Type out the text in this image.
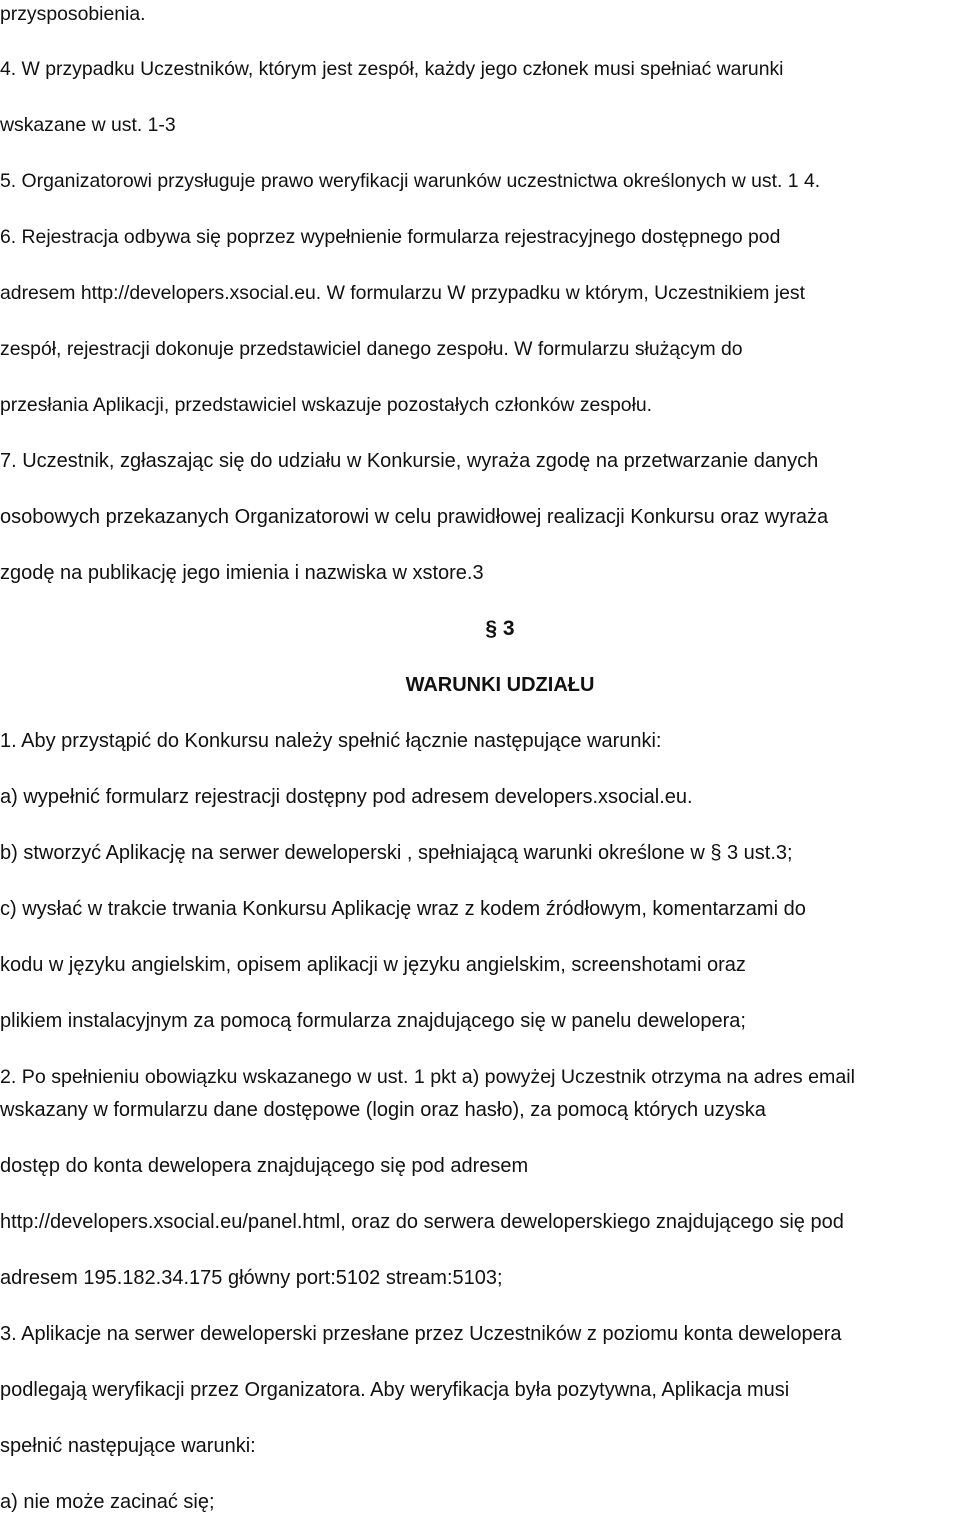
przysposobienia.
4. W przypadku Uczestników, którym jest zespół, każdy jego członek musi spełniać warunki
wskazane w ust. 1-3
5. Organizatorowi przysługuje prawo weryfikacji warunków uczestnictwa określonych w ust. 1 4.
6. Rejestracja odbywa się poprzez wypełnienie formularza rejestracyjnego dostępnego pod
adresem http://developers.xsocial.eu. W formularzu W przypadku w którym, Uczestnikiem jest
zespół, rejestracji dokonuje przedstawiciel danego zespołu. W formularzu służącym do
przesłania Aplikacji, przedstawiciel wskazuje pozostałych członków zespołu.
7. Uczestnik, zgłaszając się do udziału w Konkursie, wyraża zgodę na przetwarzanie danych
osobowych przekazanych Organizatorowi w celu prawidłowej realizacji Konkursu oraz wyraża
zgodę na publikację jego imienia i nazwiska w xstore.3
§ 3
WARUNKI UDZIAŁU
1. Aby przystąpić do Konkursu należy spełnić łącznie następujące warunki:
a) wypełnić formularz rejestracji dostępny pod adresem developers.xsocial.eu.
b) stworzyć Aplikację na serwer deweloperski , spełniającą warunki określone w § 3 ust.3;
c) wysłać w trakcie trwania Konkursu Aplikację wraz z kodem źródłowym, komentarzami do
kodu w języku angielskim, opisem aplikacji w języku angielskim, screenshotami oraz
plikiem instalacyjnym za pomocą formularza znajdującego się w panelu dewelopera;
2. Po spełnieniu obowiązku wskazanego w ust. 1 pkt a) powyżej Uczestnik otrzyma na adres email
wskazany w formularzu dane dostępowe (login oraz hasło), za pomocą których uzyska
dostęp do konta dewelopera znajdującego się pod adresem
http://developers.xsocial.eu/panel.html, oraz do serwera deweloperskiego znajdującego się pod
adresem 195.182.34.175 główny port:5102 stream:5103;
3. Aplikacje na serwer deweloperski przesłane przez Uczestników z poziomu konta dewelopera
podlegają weryfikacji przez Organizatora. Aby weryfikacja była pozytywna, Aplikacja musi
spełnić następujące warunki:
a) nie może zacinać się;
